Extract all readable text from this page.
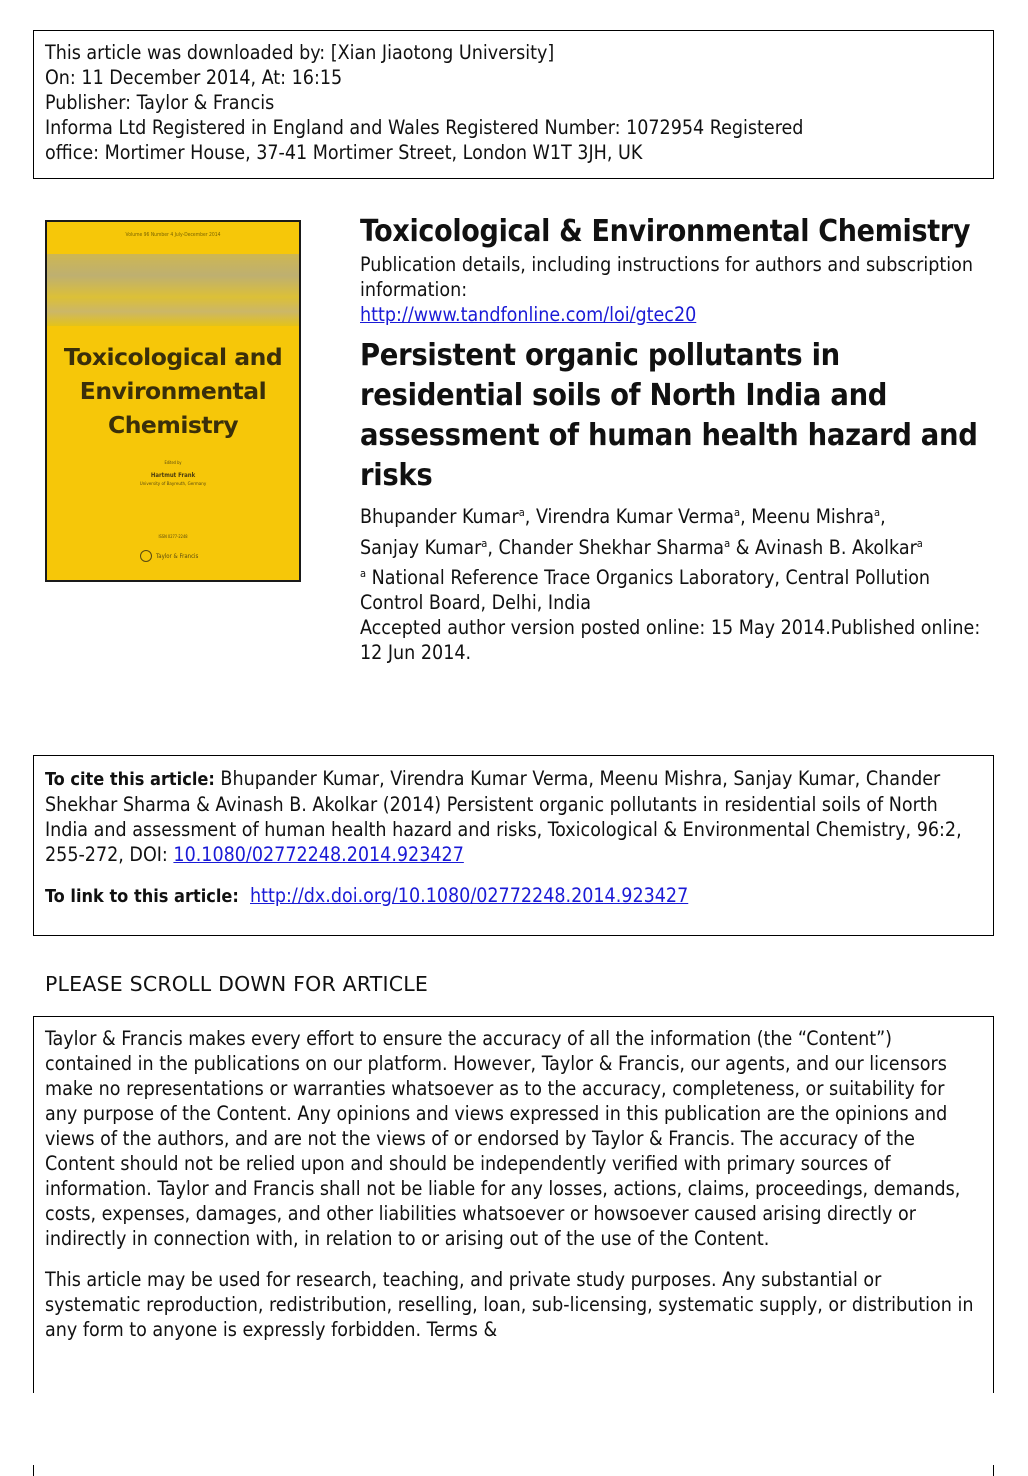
This article was downloaded by: [Xian Jiaotong University]
On: 11 December 2014, At: 16:15
Publisher: Taylor & Francis
Informa Ltd Registered in England and Wales Registered Number: 1072954 Registered
office: Mortimer House, 37-41 Mortimer Street, London W1T 3JH, UK
Volume 96 Number 4 July-December 2014
Toxicological and
Environmental
Chemistry
Edited by
Hartmut Frank
University of Bayreuth, Germany
ISSN 0277-2248
Taylor & Francis
Toxicological & Environmental Chemistry
Publication details, including instructions for authors and subscription information:
http://www.tandfonline.com/loi/gtec20
Persistent organic pollutants in residential soils of North India and assessment of human health hazard and risks
Bhupander Kumar$^a$, Virendra Kumar Verma$^a$, Meenu Mishra$^a$,
Sanjay Kumar$^a$, Chander Shekhar Sharma$^a$ & Avinash B. Akolkar$^a$
$^a$ National Reference Trace Organics Laboratory, Central Pollution Control Board, Delhi, India
Accepted author version posted online: 15 May 2014.Published online: 12 Jun 2014.
To cite this article: Bhupander Kumar, Virendra Kumar Verma, Meenu Mishra, Sanjay Kumar, Chander Shekhar Sharma & Avinash B. Akolkar (2014) Persistent organic pollutants in residential soils of North India and assessment of human health hazard and risks, Toxicological & Environmental Chemistry, 96:2, 255-272, DOI: 10.1080/02772248.2014.923427
To link to this article: http://dx.doi.org/10.1080/02772248.2014.923427
PLEASE SCROLL DOWN FOR ARTICLE

Taylor & Francis makes every effort to ensure the accuracy of all the information (the “Content”) contained in the publications on our platform. However, Taylor & Francis, our agents, and our licensors make no representations or warranties whatsoever as to the accuracy, completeness, or suitability for any purpose of the Content. Any opinions and views expressed in this publication are the opinions and views of the authors, and are not the views of or endorsed by Taylor & Francis. The accuracy of the Content should not be relied upon and should be independently verified with primary sources of information. Taylor and Francis shall not be liable for any losses, actions, claims, proceedings, demands, costs, expenses, damages, and other liabilities whatsoever or howsoever caused arising directly or indirectly in connection with, in relation to or arising out of the use of the Content.

This article may be used for research, teaching, and private study purposes. Any substantial or systematic reproduction, redistribution, reselling, loan, sub-licensing, systematic supply, or distribution in any form to anyone is expressly forbidden. Terms &
